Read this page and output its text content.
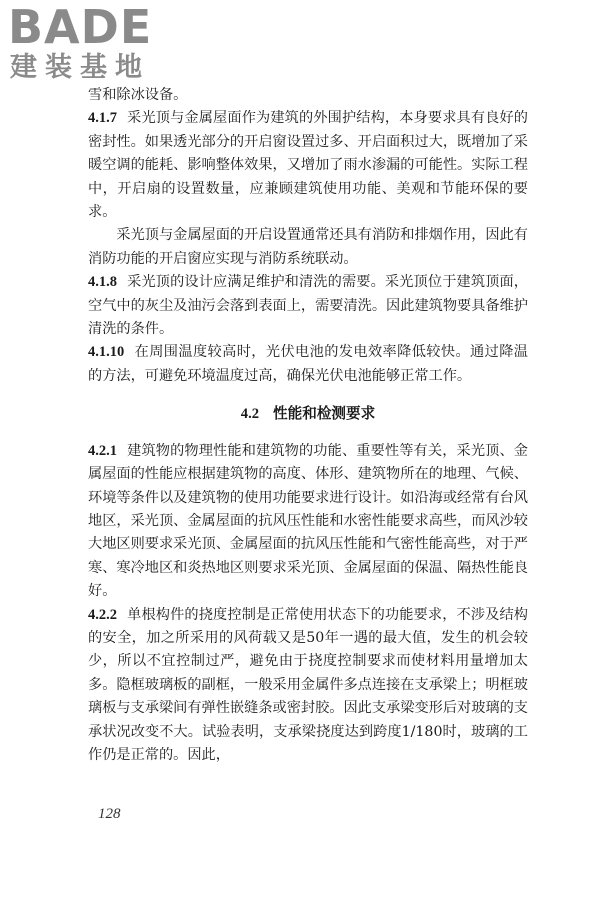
BADE
建装基地

雪和除冰设备。

4.1.7 采光顶与金属屋面作为建筑的外围护结构，本身要求具有良好的密封性。如果透光部分的开启窗设置过多、开启面积过大，既增加了采暖空调的能耗、影响整体效果，又增加了雨水渗漏的可能性。实际工程中，开启扇的设置数量，应兼顾建筑使用功能、美观和节能环保的要求。

采光顶与金属屋面的开启设置通常还具有消防和排烟作用，因此有消防功能的开启窗应实现与消防系统联动。

4.1.8 采光顶的设计应满足维护和清洗的需要。采光顶位于建筑顶面，空气中的灰尘及油污会落到表面上，需要清洗。因此建筑物要具备维护清洗的条件。

4.1.10 在周围温度较高时，光伏电池的发电效率降低较快。通过降温的方法，可避免环境温度过高，确保光伏电池能够正常工作。

4.2 性能和检测要求

4.2.1 建筑物的物理性能和建筑物的功能、重要性等有关，采光顶、金属屋面的性能应根据建筑物的高度、体形、建筑物所在的地理、气候、环境等条件以及建筑物的使用功能要求进行设计。如沿海或经常有台风地区，采光顶、金属屋面的抗风压性能和水密性能要求高些，而风沙较大地区则要求采光顶、金属屋面的抗风压性能和气密性能高些，对于严寒、寒冷地区和炎热地区则要求采光顶、金属屋面的保温、隔热性能良好。

4.2.2 单根构件的挠度控制是正常使用状态下的功能要求，不涉及结构的安全，加之所采用的风荷载又是50年一遇的最大值，发生的机会较少，所以不宜控制过严，避免由于挠度控制要求而使材料用量增加太多。隐框玻璃板的副框，一般采用金属件多点连接在支承梁上；明框玻璃板与支承梁间有弹性嵌缝条或密封胶。因此支承梁变形后对玻璃的支承状况改变不大。试验表明，支承梁挠度达到跨度1/180时，玻璃的工作仍是正常的。因此，

128
